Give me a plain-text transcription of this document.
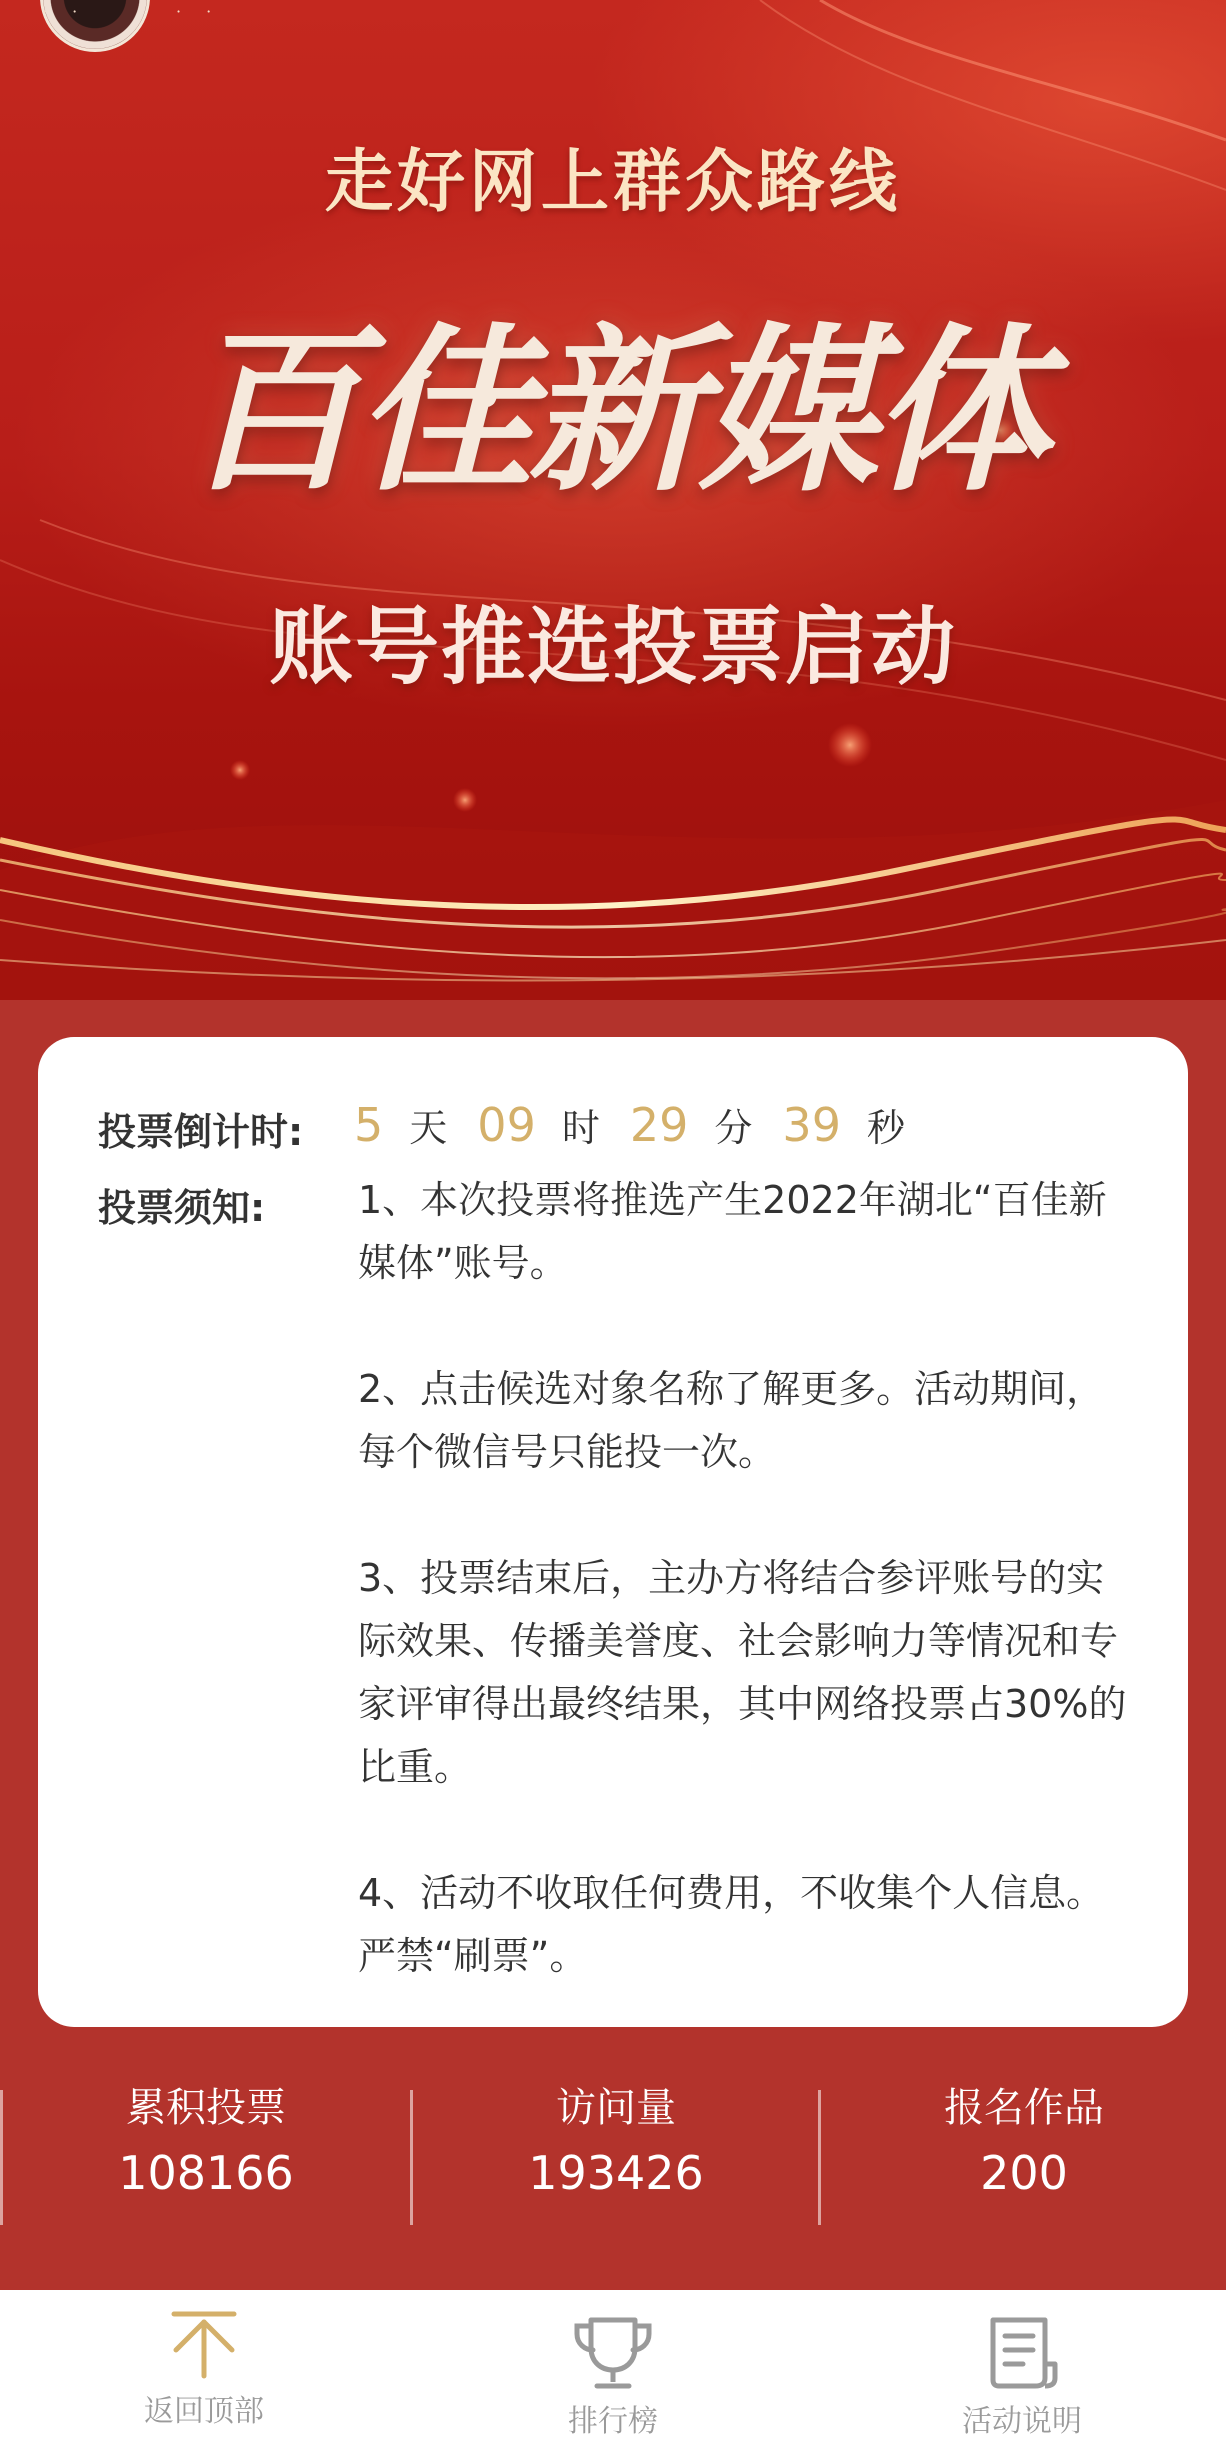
· ·	· ·
走好网上群众路线
百佳新媒体
账号推选投票启动
投票倒计时: 5 天 09 时 29 分 39 秒
投票须知: 1、本次投票将推选产生2022年湖北“百佳新媒体”账号。

2、点击候选对象名称了解更多。活动期间，每个微信号只能投一次。

3、投票结束后，主办方将结合参评账号的实际效果、传播美誉度、社会影响力等情况和专家评审得出最终结果，其中网络投票占30%的比重。

4、活动不收取任何费用，不收集个人信息。严禁“刷票”。

累积投票
108166
访问量
193426
报名作品
200
返回顶部	排行榜	活动说明
